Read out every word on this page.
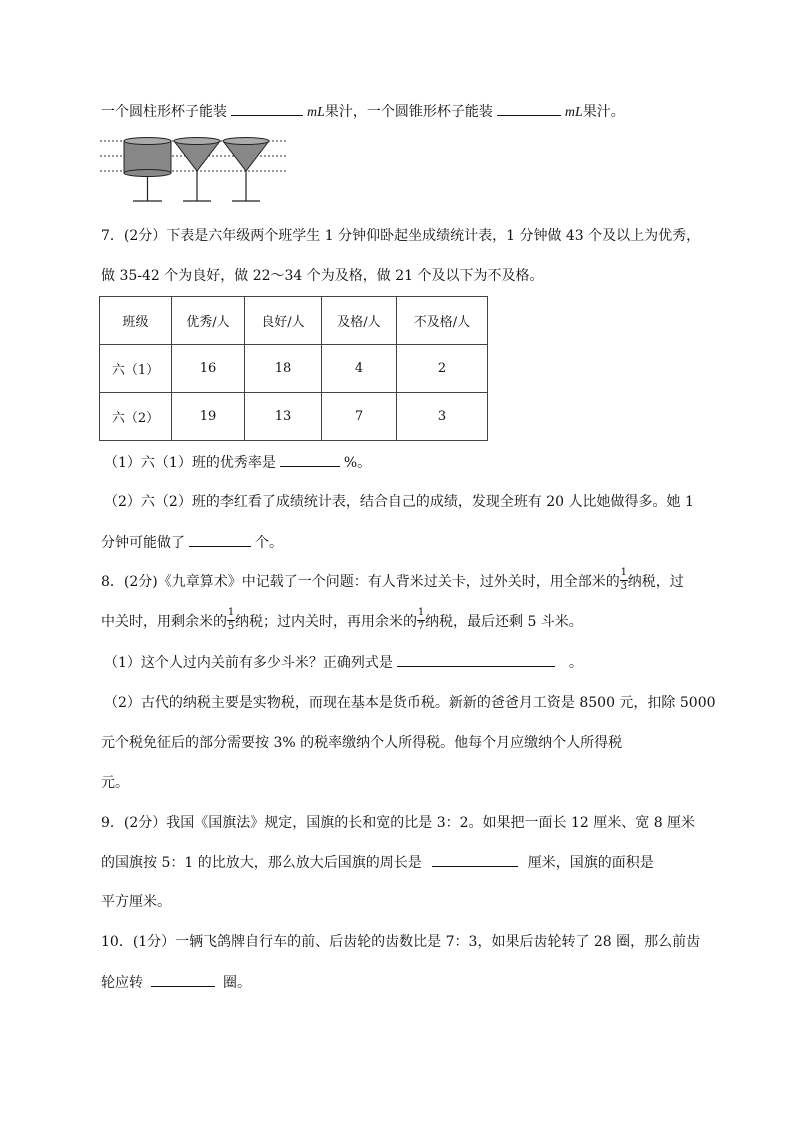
一个圆柱形杯子能装	mL果汁，一个圆锥形杯子能装	mL果汁。
7．(2分）下表是六年级两个班学生 1 分钟仰卧起坐成绩统计表，1 分钟做 43 个及以上为优秀，
做 35-42 个为良好，做 22～34 个为及格，做 21 个及以下为不及格。
班级	优秀/人	良好/人	及格/人	不及格/人
六（1）	16	18	4	2
六（2）	19	13	7	3
（1）六（1）班的优秀率是	%。
（2）六（2）班的李红看了成绩统计表，结合自己的成绩，发现全班有 20 人比她做得多。她 1
分钟可能做了	个。
8．(2分)《九章算术》中记载了一个问题：有人背米过关卡，过外关时，用全部米的 $\frac{1}{3}$ 纳税，过
中关时，用剩余米的 $\frac{1}{5}$ 纳税；过内关时，再用余米的 $\frac{1}{7}$ 纳税，最后还剩 5 斗米。
（1）这个人过内关前有多少斗米？正确列式是	。
（2）古代的纳税主要是实物税，而现在基本是货币税。新新的爸爸月工资是 8500 元，扣除 5000
元个税免征后的部分需要按 3% 的税率缴纳个人所得税。他每个月应缴纳个人所得税
元。
9．(2分）我国《国旗法》规定，国旗的长和宽的比是 3：2。如果把一面长 12 厘米、宽 8 厘米
的国旗按 5：1 的比放大，那么放大后国旗的周长是	厘米，国旗的面积是
平方厘米。
10．(1分）一辆飞鸽牌自行车的前、后齿轮的齿数比是 7：3，如果后齿轮转了 28 圈，那么前齿
轮应转	圈。
